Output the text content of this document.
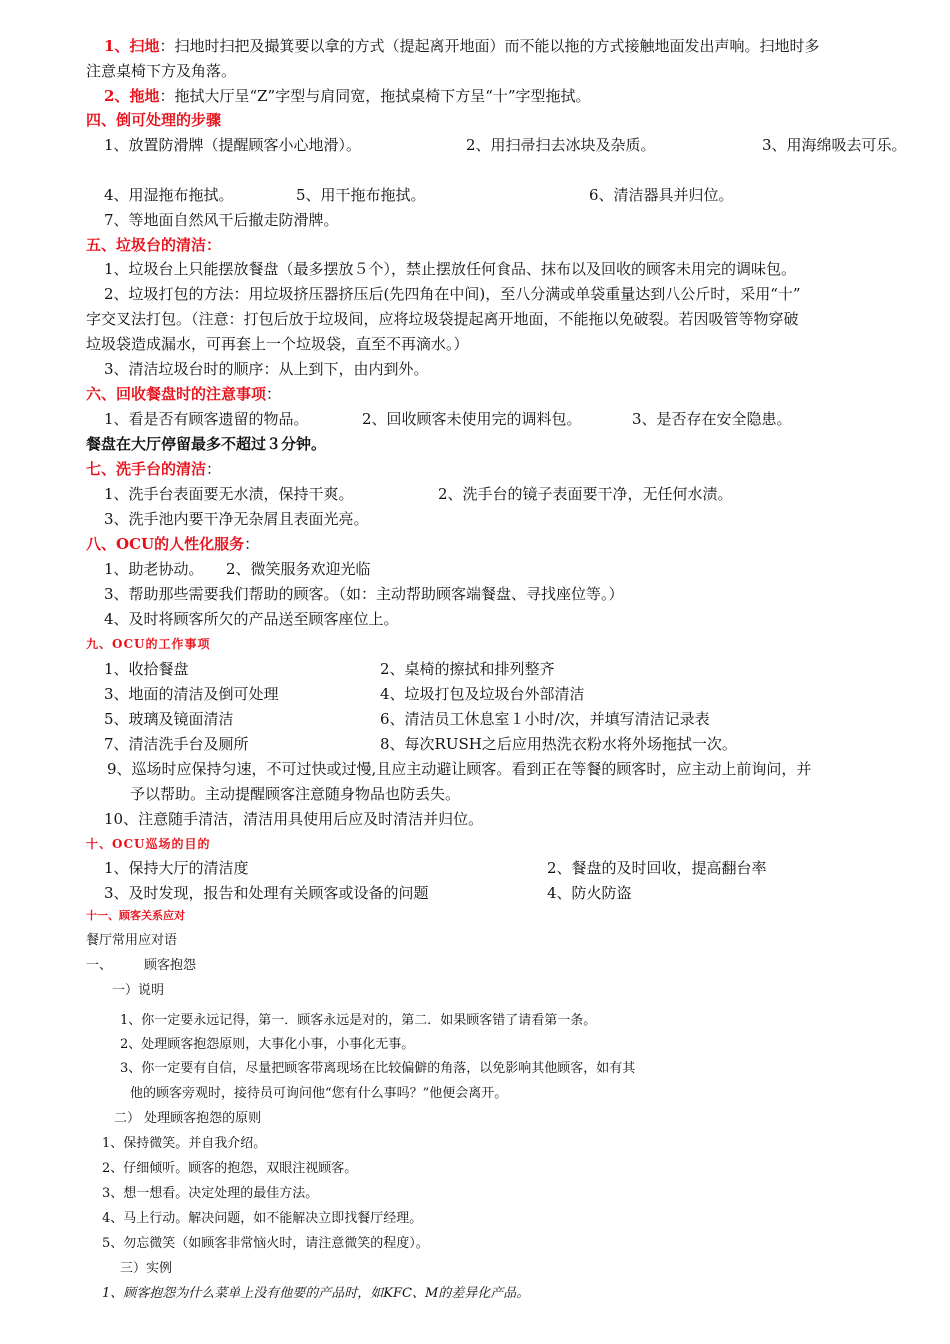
1、扫地：扫地时扫把及撮箕要以拿的方式（提起离开地面）而不能以拖的方式接触地面发出声响。扫地时多
注意桌椅下方及角落。
2、拖地：拖拭大厅呈“Z”字型与肩同宽，拖拭桌椅下方呈“十”字型拖拭。
四、倒可处理的步骤
1、放置防滑牌（提醒顾客小心地滑）。	2、用扫帚扫去冰块及杂质。	3、用海绵吸去可乐。
4、用湿拖布拖拭。	5、用干拖布拖拭。	6、清洁器具并归位。
7、等地面自然风干后撤走防滑牌。
五、垃圾台的清洁：
1、垃圾台上只能摆放餐盘（最多摆放５个），禁止摆放任何食品、抹布以及回收的顾客未用完的调味包。
2、垃圾打包的方法：用垃圾挤压器挤压后(先四角在中间)，至八分满或单袋重量达到八公斤时，采用“十”
字交叉法打包。（注意：打包后放于垃圾间，应将垃圾袋提起离开地面，不能拖以免破裂。若因吸管等物穿破
垃圾袋造成漏水，可再套上一个垃圾袋，直至不再滴水。）
3、清洁垃圾台时的顺序：从上到下，由内到外。
六、回收餐盘时的注意事项：
1、看是否有顾客遗留的物品。	2、回收顾客未使用完的调料包。	3、是否存在安全隐患。
餐盘在大厅停留最多不超过３分钟。
七、洗手台的清洁：
1、洗手台表面要无水渍，保持干爽。	2、洗手台的镜子表面要干净，无任何水渍。
3、洗手池内要干净无杂屑且表面光亮。
八、OCU的人性化服务：
1、助老协动。 2、微笑服务欢迎光临
3、帮助那些需要我们帮助的顾客。（如：主动帮助顾客端餐盘、寻找座位等。）
4、及时将顾客所欠的产品送至顾客座位上。
九、OCU的工作事项
1、收拾餐盘	2、桌椅的擦拭和排列整齐
3、地面的清洁及倒可处理	4、垃圾打包及垃圾台外部清洁
5、玻璃及镜面清洁	6、清洁员工休息室１小时/次，并填写清洁记录表
7、清洁洗手台及厕所	8、每次RUSH之后应用热洗衣粉水将外场拖拭一次。
9、巡场时应保持匀速，不可过快或过慢,且应主动避让顾客。看到正在等餐的顾客时，应主动上前询问，并
予以帮助。主动提醒顾客注意随身物品也防丢失。
10、注意随手清洁，清洁用具使用后应及时清洁并归位。
十、OCU巡场的目的
1、保持大厅的清洁度	2、餐盘的及时回收，提高翻台率
3、及时发现，报告和处理有关顾客或设备的问题	4、防火防盗
十一、顾客关系应对
餐厅常用应对语
一、 顾客抱怨
一）说明
1、你一定要永远记得，第一．顾客永远是对的，第二．如果顾客错了请看第一条。
2、处理顾客抱怨原则，大事化小事，小事化无事。
3、你一定要有自信，尽量把顾客带离现场在比较偏僻的角落，以免影响其他顾客，如有其
他的顾客旁观时，接待员可询问他“您有什么事吗？”他便会离开。
二） 处理顾客抱怨的原则
1、保持微笑。并自我介绍。
2、仔细倾听。顾客的抱怨，双眼注视顾客。
3、想一想看。决定处理的最佳方法。
4、马上行动。解决问题，如不能解决立即找餐厅经理。
5、勿忘微笑（如顾客非常恼火时，请注意微笑的程度）。
三）实例
1、顾客抱怨为什么菜单上没有他要的产品时，如KFC、M的差异化产品。
